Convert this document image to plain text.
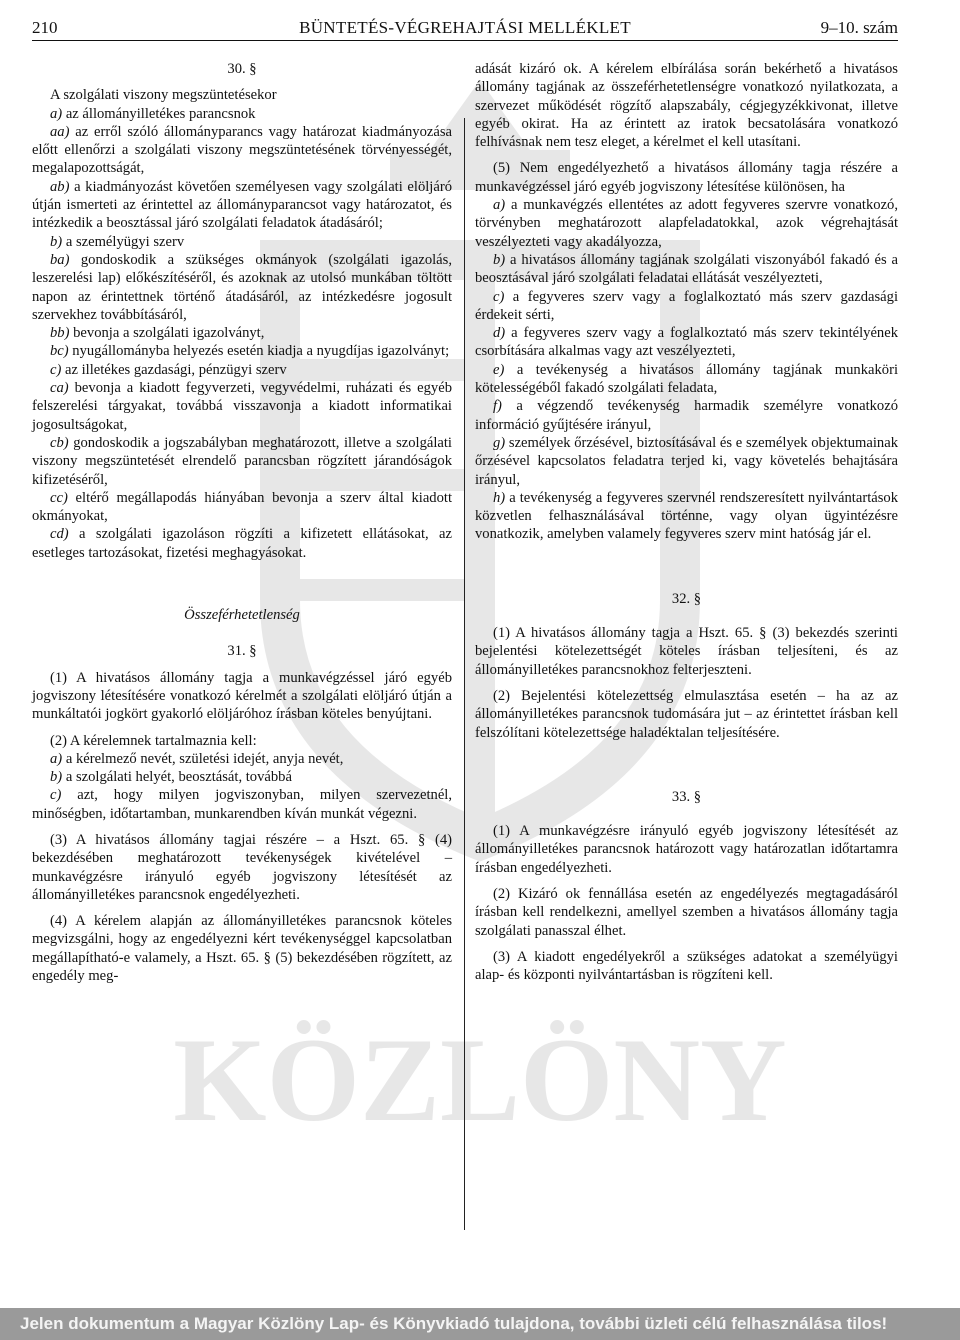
KÖZLÖNY
210	BÜNTETÉS-VÉGREHAJTÁSI MELLÉKLET	9–10. szám

30. §

A szolgálati viszony megszüntetésekor

a) az állományilletékes parancsnok

aa) az erről szóló állományparancs vagy határozat kiadmányozása előtt ellenőrzi a szolgálati viszony megszüntetésének törvényességét, megalapozottságát,

ab) a kiadmányozást követően személyesen vagy szolgálati elöljáró útján ismerteti az érintettel az állományparancsot vagy határozatot, és intézkedik a beosztással járó szolgálati feladatok átadásáról;

b) a személyügyi szerv

ba) gondoskodik a szükséges okmányok (szolgálati igazolás, leszerelési lap) előkészítéséről, és azoknak az utolsó munkában töltött napon az érintettnek történő átadásáról, az intézkedésre jogosult szervekhez továbbításáról,

bb) bevonja a szolgálati igazolványt,

bc) nyugállományba helyezés esetén kiadja a nyugdíjas igazolványt;

c) az illetékes gazdasági, pénzügyi szerv

ca) bevonja a kiadott fegyverzeti, vegyvédelmi, ruházati és egyéb felszerelési tárgyakat, továbbá visszavonja a kiadott informatikai jogosultságokat,

cb) gondoskodik a jogszabályban meghatározott, illetve a szolgálati viszony megszüntetését elrendelő parancsban rögzített járandóságok kifizetéséről,

cc) eltérő megállapodás hiányában bevonja a szerv által kiadott okmányokat,

cd) a szolgálati igazoláson rögzíti a kifizetett ellátásokat, az esetleges tartozásokat, fizetési meghagyásokat.

Összeférhetetlenség

31. §

(1) A hivatásos állomány tagja a munkavégzéssel járó egyéb jogviszony létesítésére vonatkozó kérelmét a szolgálati elöljáró útján a munkáltatói jogkört gyakorló elöljáróhoz írásban köteles benyújtani.

(2) A kérelemnek tartalmaznia kell:

a) a kérelmező nevét, születési idejét, anyja nevét,

b) a szolgálati helyét, beosztását, továbbá

c) azt, hogy milyen jogviszonyban, milyen szervezetnél, minőségben, időtartamban, munkarendben kíván munkát végezni.

(3) A hivatásos állomány tagjai részére – a Hszt. 65. § (4) bekezdésében meghatározott tevékenységek kivételével – munkavégzésre irányuló egyéb jogviszony létesítését az állományilletékes parancsnok engedélyezheti.

(4) A kérelem alapján az állományilletékes parancsnok köteles megvizsgálni, hogy az engedélyezni kért tevékenységgel kapcsolatban megállapítható-e valamely, a Hszt. 65. § (5) bekezdésében rögzített, az engedély meg-

adását kizáró ok. A kérelem elbírálása során bekérhető a hivatásos állomány tagjának az összeférhetetlenségre vonatkozó nyilatkozata, a szervezet működését rögzítő alapszabály, cégjegyzékkivonat, illetve egyéb okirat. Ha az érintett az iratok becsatolására vonatkozó felhívásnak nem tesz eleget, a kérelmet el kell utasítani.

(5) Nem engedélyezhető a hivatásos állomány tagja részére a munkavégzéssel járó egyéb jogviszony létesítése különösen, ha

a) a munkavégzés ellentétes az adott fegyveres szervre vonatkozó, törvényben meghatározott alapfeladatokkal, azok végrehajtását veszélyezteti vagy akadályozza,

b) a hivatásos állomány tagjának szolgálati viszonyából fakadó és a beosztásával járó szolgálati feladatai ellátását veszélyezteti,

c) a fegyveres szerv vagy a foglalkoztató más szerv gazdasági érdekeit sérti,

d) a fegyveres szerv vagy a foglalkoztató más szerv tekintélyének csorbítására alkalmas vagy azt veszélyezteti,

e) a tevékenység a hivatásos állomány tagjának munkaköri kötelességéből fakadó szolgálati feladata,

f) a végzendő tevékenység harmadik személyre vonatkozó információ gyűjtésére irányul,

g) személyek őrzésével, biztosításával és e személyek objektumainak őrzésével kapcsolatos feladatra terjed ki, vagy követelés behajtására irányul,

h) a tevékenység a fegyveres szervnél rendszeresített nyilvántartások közvetlen felhasználásával történne, vagy olyan ügyintézésre vonatkozik, amelyben valamely fegyveres szerv mint hatóság jár el.

32. §

(1) A hivatásos állomány tagja a Hszt. 65. § (3) bekezdés szerinti bejelentési kötelezettségét köteles írásban teljesíteni, és az állományilletékes parancsnokhoz felterjeszteni.

(2) Bejelentési kötelezettség elmulasztása esetén – ha az az állományilletékes parancsnok tudomására jut – az érintettet írásban kell felszólítani kötelezettsége haladéktalan teljesítésére.

33. §

(1) A munkavégzésre irányuló egyéb jogviszony létesítését az állományilletékes parancsnok határozott vagy határozatlan időtartamra írásban engedélyezheti.

(2) Kizáró ok fennállása esetén az engedélyezés megtagadásáról írásban kell rendelkezni, amellyel szemben a hivatásos állomány tagja szolgálati panasszal élhet.

(3) A kiadott engedélyekről a szükséges adatokat a személyügyi alap- és központi nyilvántartásban is rögzíteni kell.

Jelen dokumentum a Magyar Közlöny Lap- és Könyvkiadó tulajdona, további üzleti célú felhasználása tilos!
